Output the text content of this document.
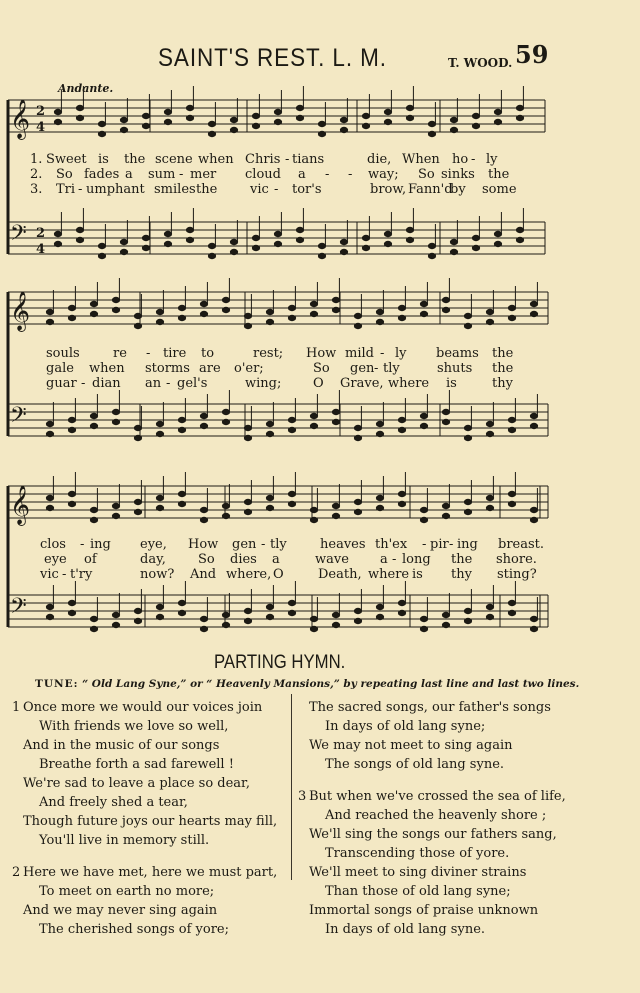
SAINT'S REST. L. M.	T. WOOD. 59
Andante.
𝄞 2
4
𝄢 2
4
𝄞
𝄢
𝄞
𝄢
1. Sweet is the scene when Chris - tians	die, When ho - ly
2. So fades a sum - mer cloud a - - way; So sinks the
3. Tri - umphant smiles the	vic - tor's	brow, Fann'd
by some
souls	re - tire to	rest; How mild - ly beams the
gale when storms are o'er;	So gen - tly	shuts the
guar - dian an - gel's	wing; O Grave, where is	thy
clos - ing eye, How gen - tly	heaves th'ex - pir - ing breast.
eye of	day, So dies a	wave a - long the shore.
vic - t'ry	now? And where, O	Death, where is thy sting?
PARTING HYMN.
TUNE: “ Old Lang Syne,” or “ Heavenly Mansions,” by repeating last line and last two lines.
1 Once more we would our voices join
With friends we love so well,
And in the music of our songs
Breathe forth a sad farewell !
We're sad to leave a place so dear,
And freely shed a tear,
Though future joys our hearts may fill,
You'll live in memory still.
2 Here we have met, here we must part,
To meet on earth no more;
And we may never sing again
The cherished songs of yore;
The sacred songs, our father's songs
In days of old lang syne;
We may not meet to sing again
The songs of old lang syne.
3 But when we've crossed the sea of life,
And reached the heavenly shore ;
We'll sing the songs our fathers sang,
Transcending those of yore.
We'll meet to sing diviner strains
Than those of old lang syne;
Immortal songs of praise unknown
In days of old lang syne.
